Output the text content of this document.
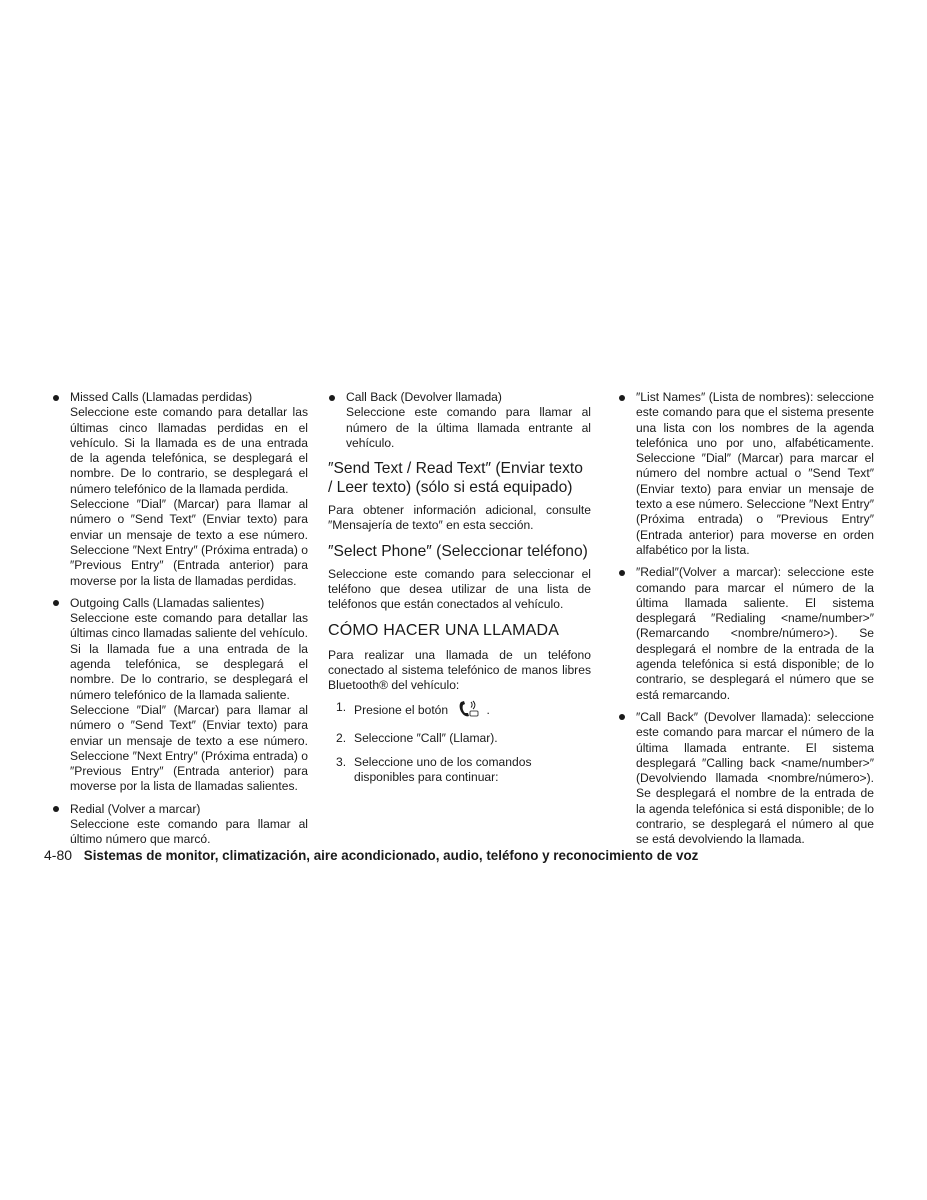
Missed Calls (Llamadas perdidas)
Seleccione este comando para detallar las últimas cinco llamadas perdidas en el vehículo. Si la llamada es de una entrada de la agenda telefónica, se desplegará el nombre. De lo contrario, se desplegará el número telefónico de la llamada perdida.
Seleccione ″Dial″ (Marcar) para llamar al número o ″Send Text″ (Enviar texto) para enviar un mensaje de texto a ese número. Seleccione ″Next Entry″ (Próxima entrada) o ″Previous Entry″ (Entrada anterior) para moverse por la lista de llamadas perdidas.
Outgoing Calls (Llamadas salientes)
Seleccione este comando para detallar las últimas cinco llamadas saliente del vehículo. Si la llamada fue a una entrada de la agenda telefónica, se desplegará el nombre. De lo contrario, se desplegará el número telefónico de la llamada saliente.
Seleccione ″Dial″ (Marcar) para llamar al número o ″Send Text″ (Enviar texto) para enviar un mensaje de texto a ese número. Seleccione ″Next Entry″ (Próxima entrada) o ″Previous Entry″ (Entrada anterior) para moverse por la lista de llamadas salientes.
Redial (Volver a marcar)
Seleccione este comando para llamar al último número que marcó.
Call Back (Devolver llamada)
Seleccione este comando para llamar al número de la última llamada entrante al vehículo.
″Send Text / Read Text″ (Enviar texto / Leer texto) (sólo si está equipado)
Para obtener información adicional, consulte ″Mensajería de texto″ en esta sección.
″Select Phone″ (Seleccionar teléfono)
Seleccione este comando para seleccionar el teléfono que desea utilizar de una lista de teléfonos que están conectados al vehículo.
CÓMO HACER UNA LLAMADA
Para realizar una llamada de un teléfono conectado al sistema telefónico de manos libres Bluetooth® del vehículo:
1. Presione el botón	.
2. Seleccione ″Call″ (Llamar).
3. Seleccione uno de los comandos disponibles para continuar:
″List Names″ (Lista de nombres): seleccione este comando para que el sistema presente una lista con los nombres de la agenda telefónica uno por uno, alfabéticamente. Seleccione ″Dial″ (Marcar) para marcar el número del nombre actual o ″Send Text″ (Enviar texto) para enviar un mensaje de texto a ese número. Seleccione ″Next Entry″ (Próxima entrada) o ″Previous Entry″ (Entrada anterior) para moverse en orden alfabético por la lista.
″Redial″(Volver a marcar): seleccione este comando para marcar el número de la última llamada saliente. El sistema desplegará ″Redialing <name/number>″ (Remarcando <nombre/número>). Se desplegará el nombre de la entrada de la agenda telefónica si está disponible; de lo contrario, se desplegará el número que se está remarcando.
″Call Back″ (Devolver llamada): seleccione este comando para marcar el número de la última llamada entrante. El sistema desplegará ″Calling back <name/number>″ (Devolviendo llamada <nombre/número>). Se desplegará el nombre de la entrada de la agenda telefónica si está disponible; de lo contrario, se desplegará el número al que se está devolviendo la llamada.
4-80 Sistemas de monitor, climatización, aire acondicionado, audio, teléfono y reconocimiento de voz
